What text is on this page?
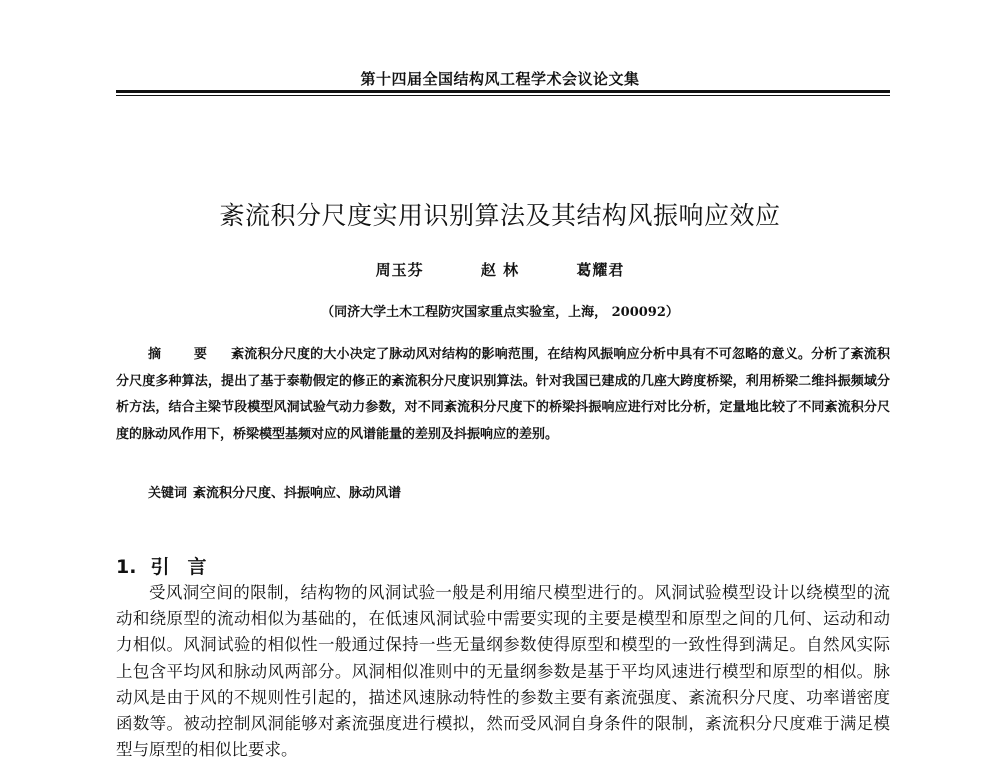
第十四届全国结构风工程学术会议论文集
紊流积分尺度实用识别算法及其结构风振响应效应
周玉芬	赵 林	葛耀君
（同济大学土木工程防灾国家重点实验室，上海， 200092）

摘 要 紊流积分尺度的大小决定了脉动风对结构的影响范围，在结构风振响应分析中具有不可忽略的意义。分析了紊流积分尺度多种算法，提出了基于泰勒假定的修正的紊流积分尺度识别算法。针对我国已建成的几座大跨度桥梁，利用桥梁二维抖振频域分析方法，结合主梁节段模型风洞试验气动力参数，对不同紊流积分尺度下的桥梁抖振响应进行对比分析，定量地比较了不同紊流积分尺度的脉动风作用下，桥梁模型基频对应的风谱能量的差别及抖振响应的差别。

关键词 紊流积分尺度、抖振响应、脉动风谱
1. 引言

受风洞空间的限制，结构物的风洞试验一般是利用缩尺模型进行的。风洞试验模型设计以绕模型的流动和绕原型的流动相似为基础的，在低速风洞试验中需要实现的主要是模型和原型之间的几何、运动和动力相似。风洞试验的相似性一般通过保持一些无量纲参数使得原型和模型的一致性得到满足。自然风实际上包含平均风和脉动风两部分。风洞相似准则中的无量纲参数是基于平均风速进行模型和原型的相似。脉动风是由于风的不规则性引起的，描述风速脉动特性的参数主要有紊流强度、紊流积分尺度、功率谱密度函数等。被动控制风洞能够对紊流强度进行模拟，然而受风洞自身条件的限制，紊流积分尺度难于满足模型与原型的相似比要求。
